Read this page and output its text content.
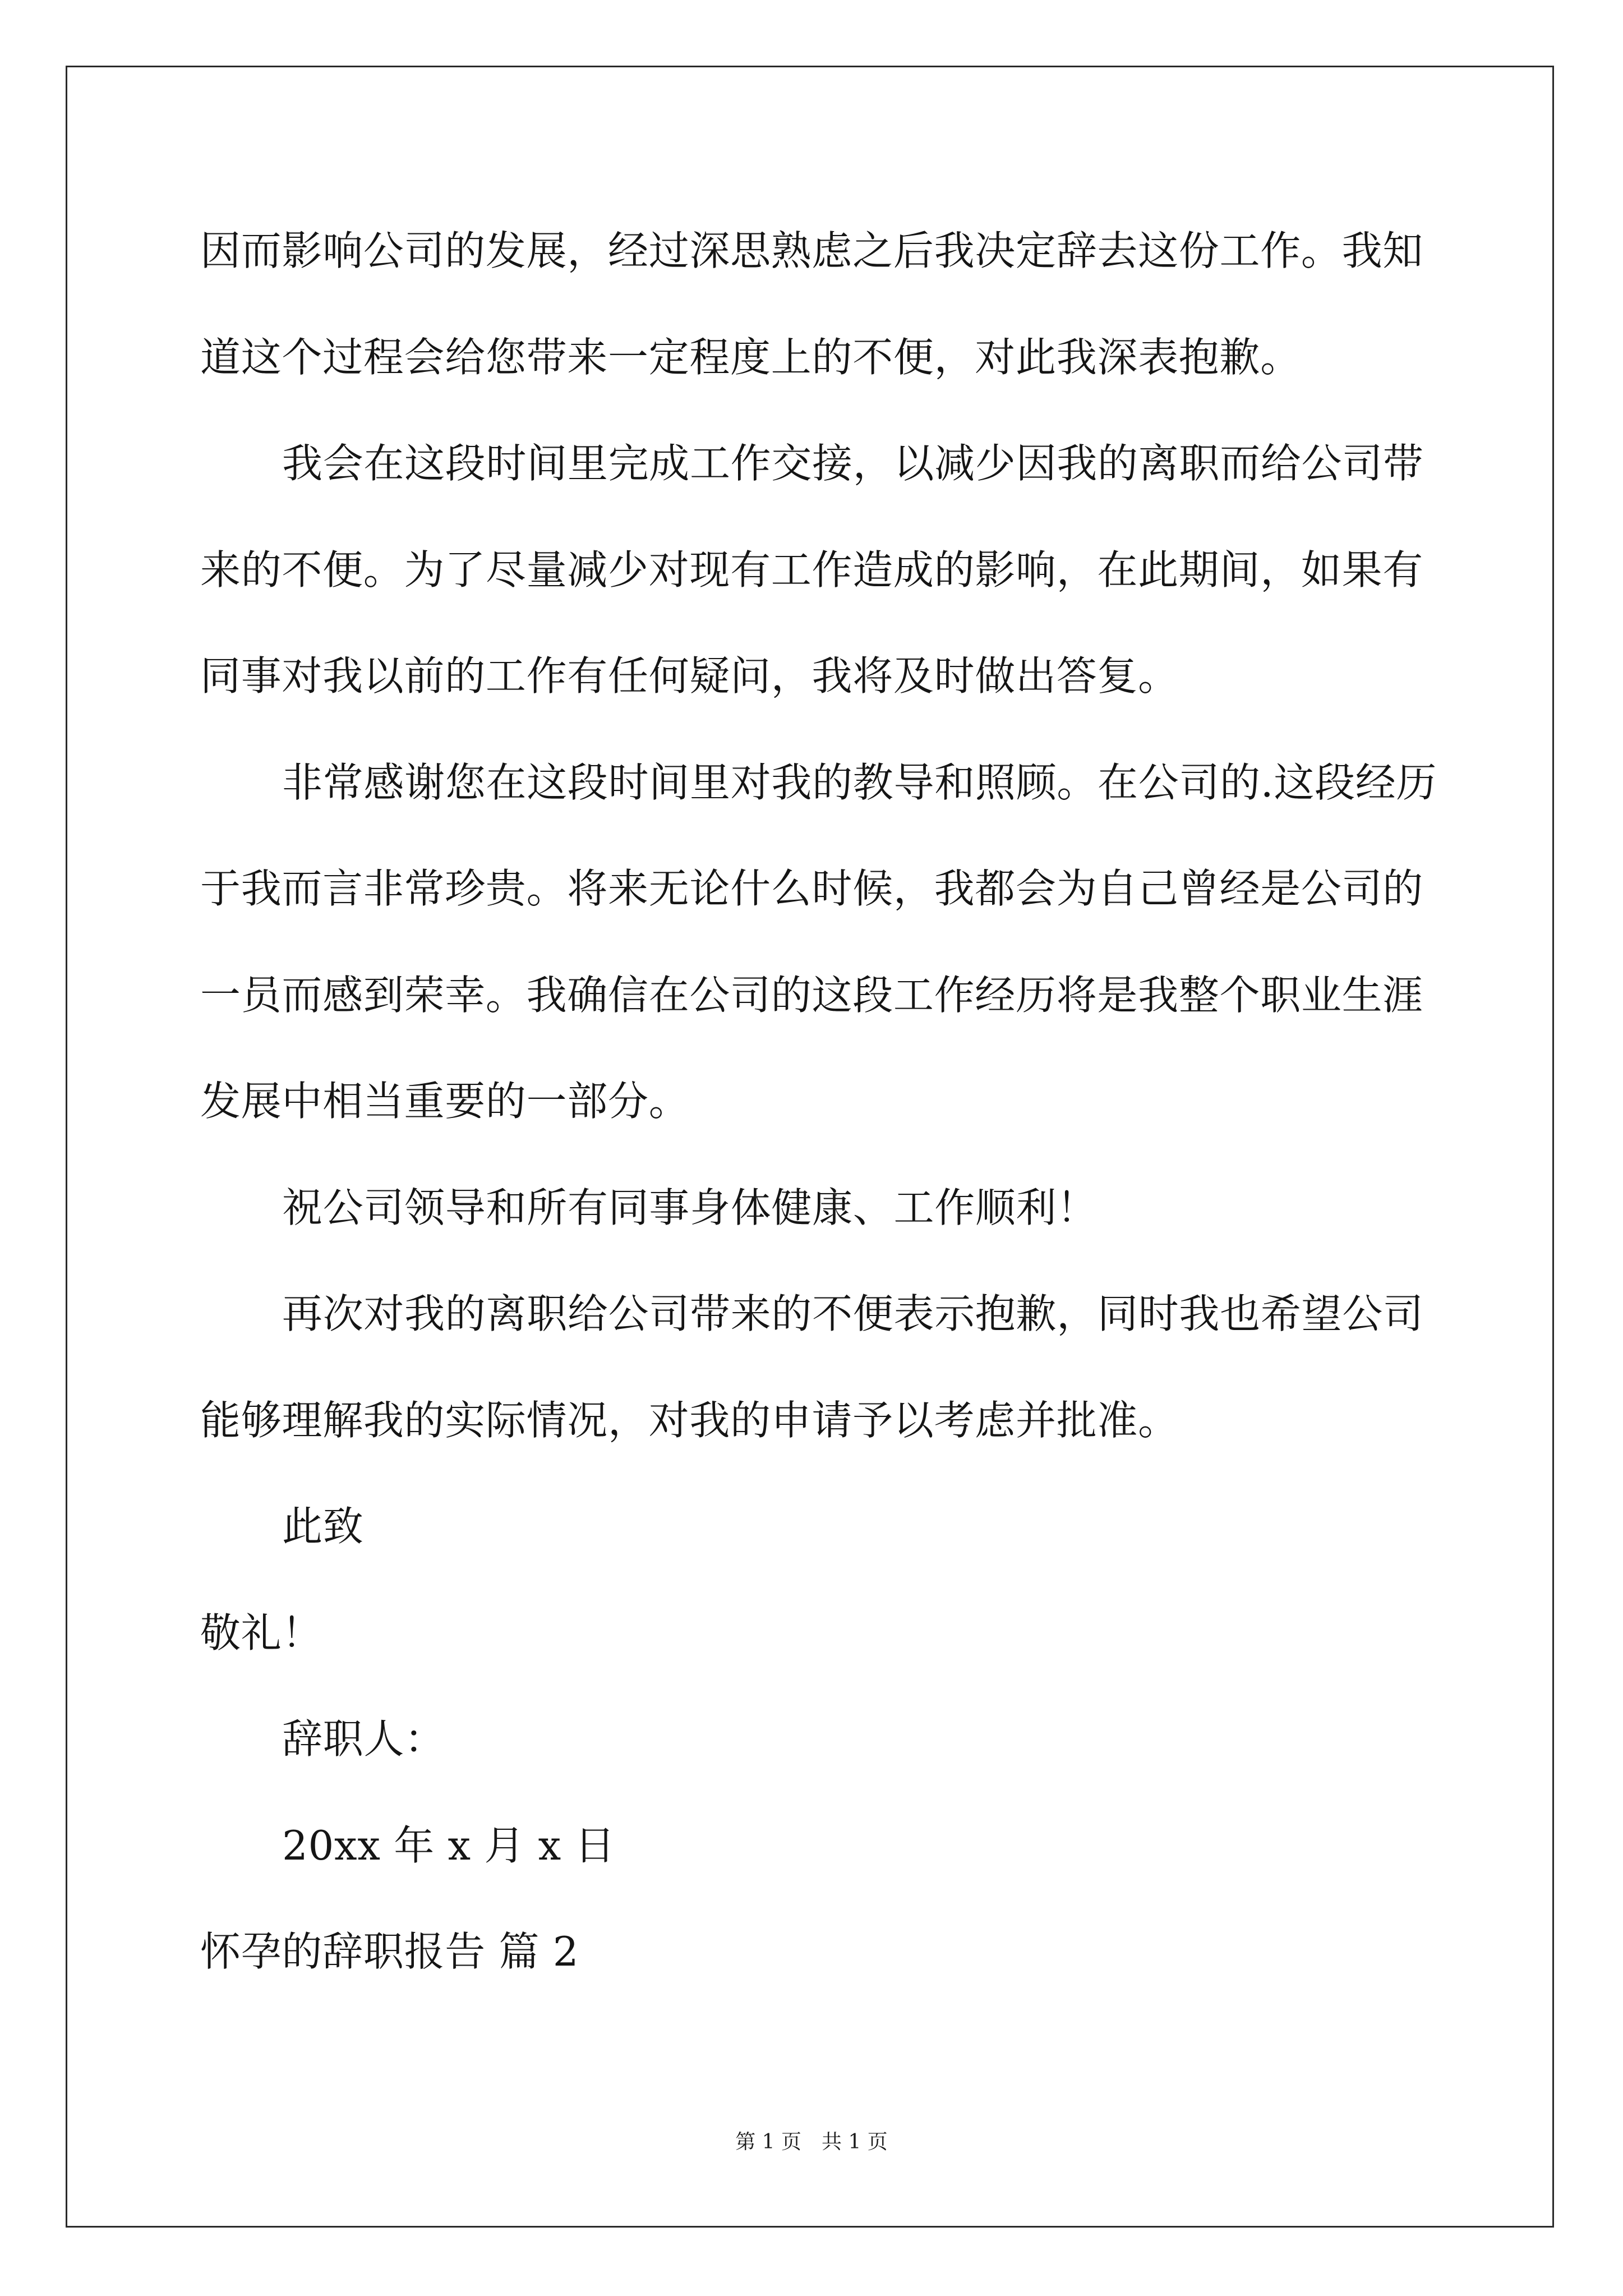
因而影响公司的发展，经过深思熟虑之后我决定辞去这份工作。我知
道这个过程会给您带来一定程度上的不便，对此我深表抱歉。
我会在这段时间里完成工作交接，以减少因我的离职而给公司带
来的不便。为了尽量减少对现有工作造成的影响，在此期间，如果有
同事对我以前的工作有任何疑问，我将及时做出答复。
非常感谢您在这段时间里对我的教导和照顾。在公司的.这段经历
于我而言非常珍贵。将来无论什么时候，我都会为自己曾经是公司的
一员而感到荣幸。我确信在公司的这段工作经历将是我整个职业生涯
发展中相当重要的一部分。
祝公司领导和所有同事身体健康、工作顺利！
再次对我的离职给公司带来的不便表示抱歉，同时我也希望公司
能够理解我的实际情况，对我的申请予以考虑并批准。
此致
敬礼！
辞职人：
20xx 年 x 月 x 日
怀孕的辞职报告 篇 2
第 1 页　共 1 页
